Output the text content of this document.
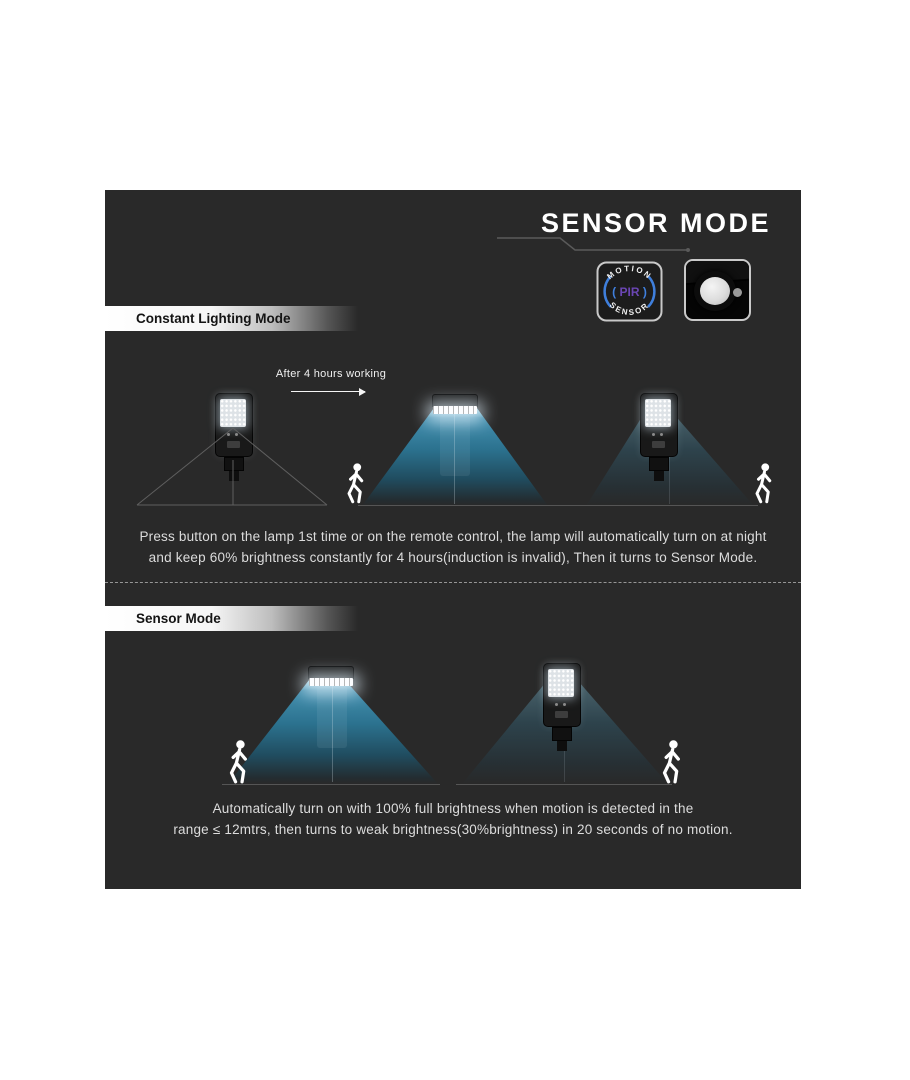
SENSOR MODE
MOTION
SENSOR
( PIR )
Constant Lighting Mode
After 4 hours working
Press button on the lamp 1st time or on the remote control, the lamp will automatically turn on at night
and keep 60% brightness constantly for 4 hours(induction is invalid), Then it turns to Sensor Mode.
Sensor Mode
Automatically turn on with 100% full brightness when motion is detected in the
range ≤ 12mtrs, then turns to weak brightness(30%brightness) in 20 seconds of no motion.
